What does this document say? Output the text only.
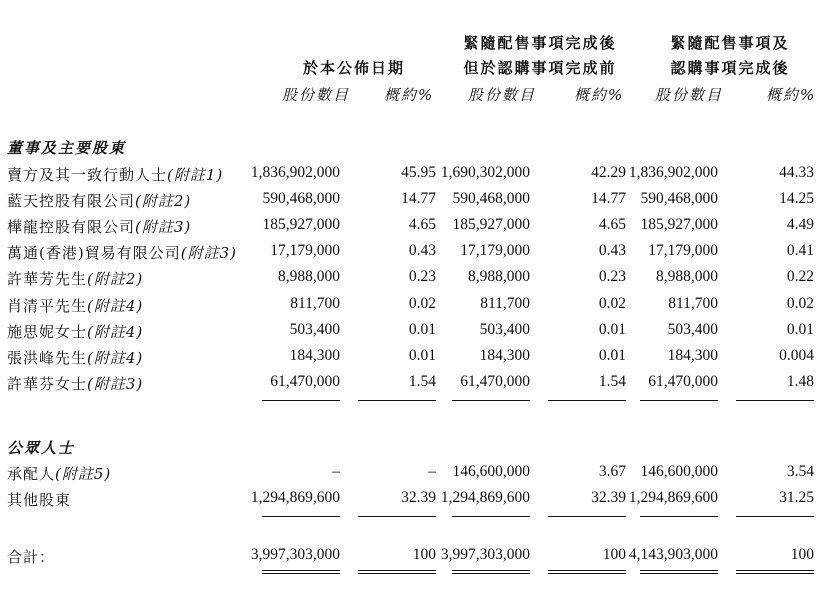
於本公佈日期
緊隨配售事項完成後
但於認購事項完成前
緊隨配售事項及
認購事項完成後
股份數目 概約% 股份數目	概約% 股份數目	概約%
董事及主要股東
賣方及其一致行動人士(附註1)	1,836,902,000	45.95 1,690,302,000	42.29 1,836,902,000	44.33
藍天控股有限公司(附註2)	590,468,000	14.77	590,468,000	14.77 590,468,000	14.25
樺龍控股有限公司(附註3)	185,927,000	4.65	185,927,000	4.65 185,927,000	4.49
萬通(香港)貿易有限公司(附註3)	17,179,000	0.43	17,179,000	0.43	17,179,000	0.41
許華芳先生(附註2)	8,988,000	0.23	8,988,000	0.23	8,988,000	0.22
肖清平先生(附註4)	811,700	0.02	811,700	0.02	811,700	0.02
施思妮女士(附註4)	503,400	0.01	503,400	0.01	503,400	0.01
張洪峰先生(附註4)	184,300	0.01	184,300	0.01	184,300	0.004
許華芬女士(附註3)	61,470,000	1.54	61,470,000	1.54	61,470,000	1.48
公眾人士
承配人(附註5)	–	–	146,600,000	3.67 146,600,000	3.54
其他股東	1,294,869,600	32.39 1,294,869,600	32.39 1,294,869,600	31.25
合計：	3,997,303,000	100 3,997,303,000	100 4,143,903,000	100
